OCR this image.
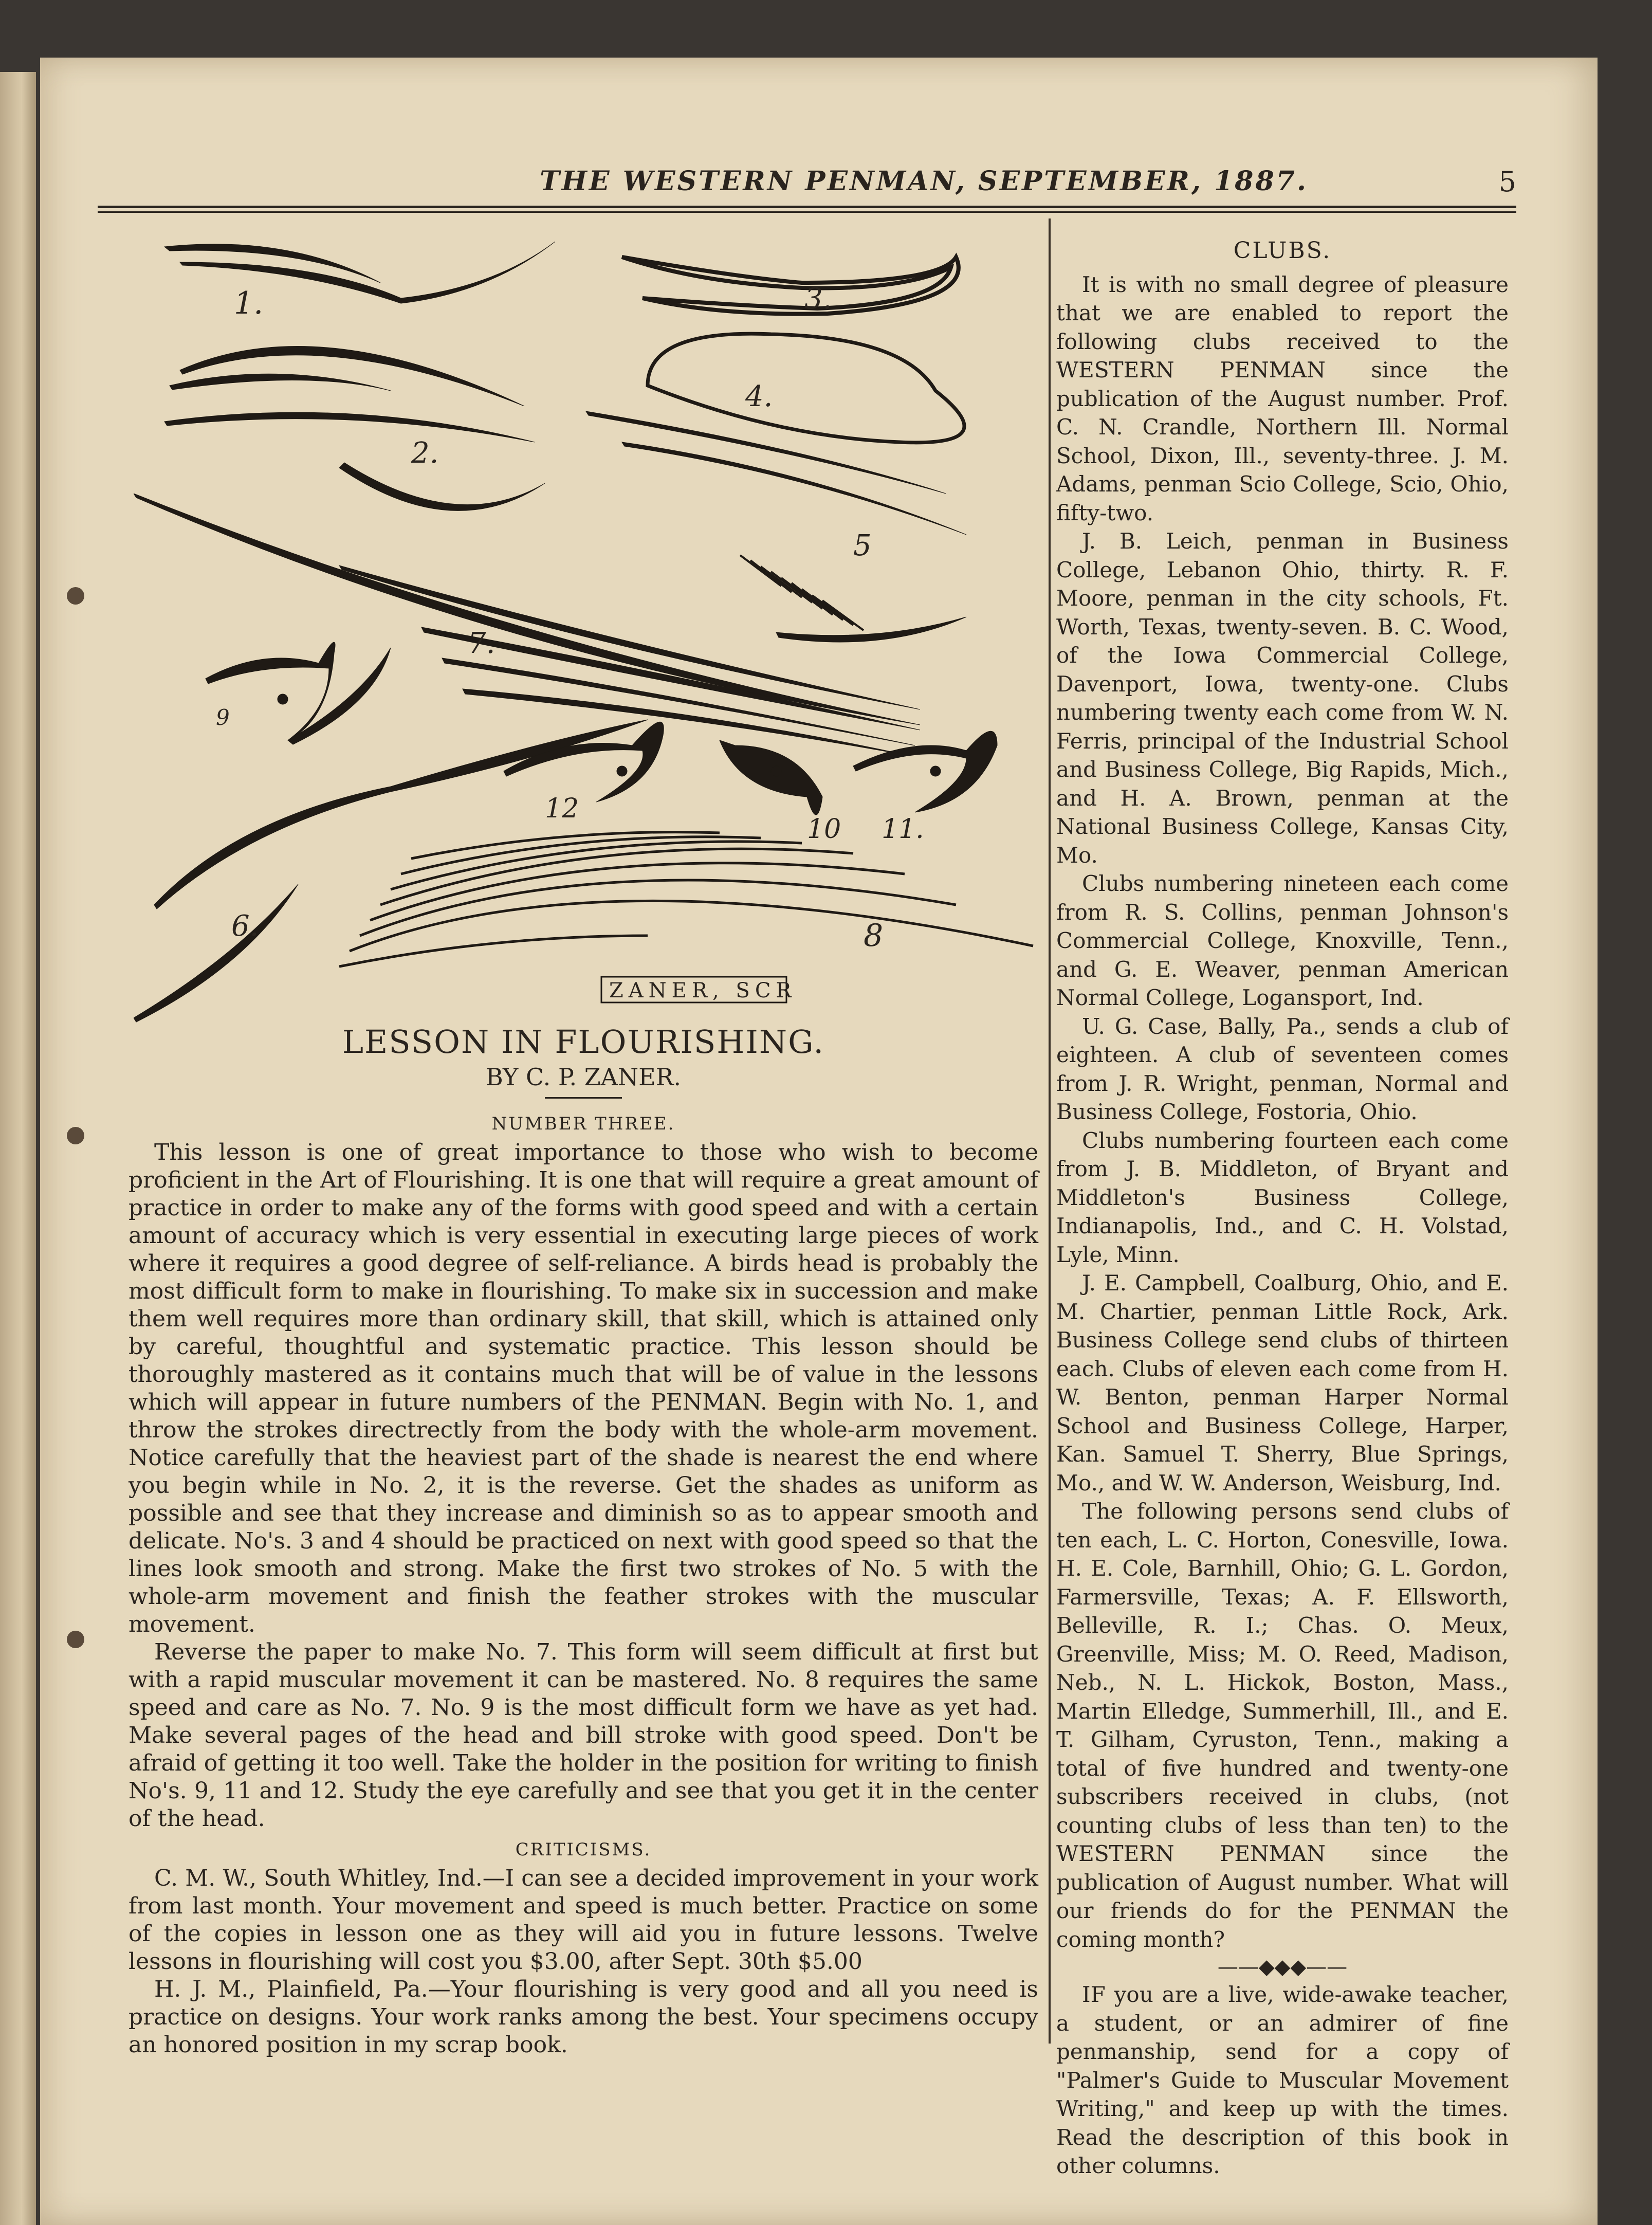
THE WESTERN PENMAN, SEPTEMBER, 1887.	5
1.
2.
3.
4.
5
6.
7.
8
9
10 11.
12
ZANER, SCR
LESSON IN FLOURISHING.
BY C. P. ZANER.
NUMBER THREE.

This lesson is one of great importance to those who wish to become proficient in the Art of Flourishing. It is one that will require a great amount of practice in order to make any of the forms with good speed and with a certain amount of accuracy which is very essential in executing large pieces of work where it requires a good degree of self-reliance. A birds head is probably the most difficult form to make in flourishing. To make six in succession and make them well requires more than ordinary skill, that skill, which is attained only by careful, thoughtful and systematic practice. This lesson should be thoroughly mastered as it contains much that will be of value in the lessons which will appear in future numbers of the PENMAN. Begin with No. 1, and throw the strokes directrectly from the body with the whole-arm movement. Notice carefully that the heaviest part of the shade is nearest the end where you begin while in No. 2, it is the reverse. Get the shades as uniform as possible and see that they increase and diminish so as to appear smooth and delicate. No's. 3 and 4 should be practiced on next with good speed so that the lines look smooth and strong. Make the first two strokes of No. 5 with the whole-arm movement and finish the feather strokes with the muscular movement.

Reverse the paper to make No. 7. This form will seem difficult at first but with a rapid muscular movement it can be mastered. No. 8 requires the same speed and care as No. 7. No. 9 is the most difficult form we have as yet had. Make several pages of the head and bill stroke with good speed. Don't be afraid of getting it too well. Take the holder in the position for writing to finish No's. 9, 11 and 12. Study the eye carefully and see that you get it in the center of the head.

CRITICISMS.

C. M. W., South Whitley, Ind.—I can see a decided improvement in your work from last month. Your movement and speed is much better. Practice on some of the copies in lesson one as they will aid you in future lessons. Twelve lessons in flourishing will cost you $3.00, after Sept. 30th $5.00

H. J. M., Plainfield, Pa.—Your flourishing is very good and all you need is practice on designs. Your work ranks among the best. Your specimens occupy an honored position in my scrap book.

CLUBS.

It is with no small degree of pleasure that we are enabled to report the following clubs received to the WESTERN PENMAN since the publication of the August number. Prof. C. N. Crandle, Northern Ill. Normal School, Dixon, Ill., seventy-three. J. M. Adams, penman Scio College, Scio, Ohio, fifty-two.

J. B. Leich, penman in Business College, Lebanon Ohio, thirty. R. F. Moore, penman in the city schools, Ft. Worth, Texas, twenty-seven. B. C. Wood, of the Iowa Commercial College, Davenport, Iowa, twenty-one. Clubs numbering twenty each come from W. N. Ferris, principal of the Industrial School and Business College, Big Rapids, Mich., and H. A. Brown, penman at the National Business College, Kansas City, Mo.

Clubs numbering nineteen each come from R. S. Collins, penman Johnson's Commercial College, Knoxville, Tenn., and G. E. Weaver, penman American Normal College, Logansport, Ind.

U. G. Case, Bally, Pa., sends a club of eighteen. A club of seventeen comes from J. R. Wright, penman, Normal and Business College, Fostoria, Ohio.

Clubs numbering fourteen each come from J. B. Middleton, of Bryant and Middleton's Business College, Indianapolis, Ind., and C. H. Volstad, Lyle, Minn.

J. E. Campbell, Coalburg, Ohio, and E. M. Chartier, penman Little Rock, Ark. Business College send clubs of thirteen each. Clubs of eleven each come from H. W. Benton, penman Harper Normal School and Business College, Harper, Kan. Samuel T. Sherry, Blue Springs, Mo., and W. W. Anderson, Weisburg, Ind.

The following persons send clubs of ten each, L. C. Horton, Conesville, Iowa. H. E. Cole, Barnhill, Ohio; G. L. Gordon, Farmersville, Texas; A. F. Ellsworth, Belleville, R. I.; Chas. O. Meux, Greenville, Miss; M. O. Reed, Madison, Neb., N. L. Hickok, Boston, Mass., Martin Elledge, Summerhill, Ill., and E. T. Gilham, Cyruston, Tenn., making a total of five hundred and twenty-one subscribers received in clubs, (not counting clubs of less than ten) to the WESTERN PENMAN since the publication of August number. What will our friends do for the PENMAN the coming month?

——◆◆◆——

IF you are a live, wide-awake teacher, a student, or an admirer of fine penmanship, send for a copy of "Palmer's Guide to Muscular Movement Writing," and keep up with the times. Read the description of this book in other columns.
